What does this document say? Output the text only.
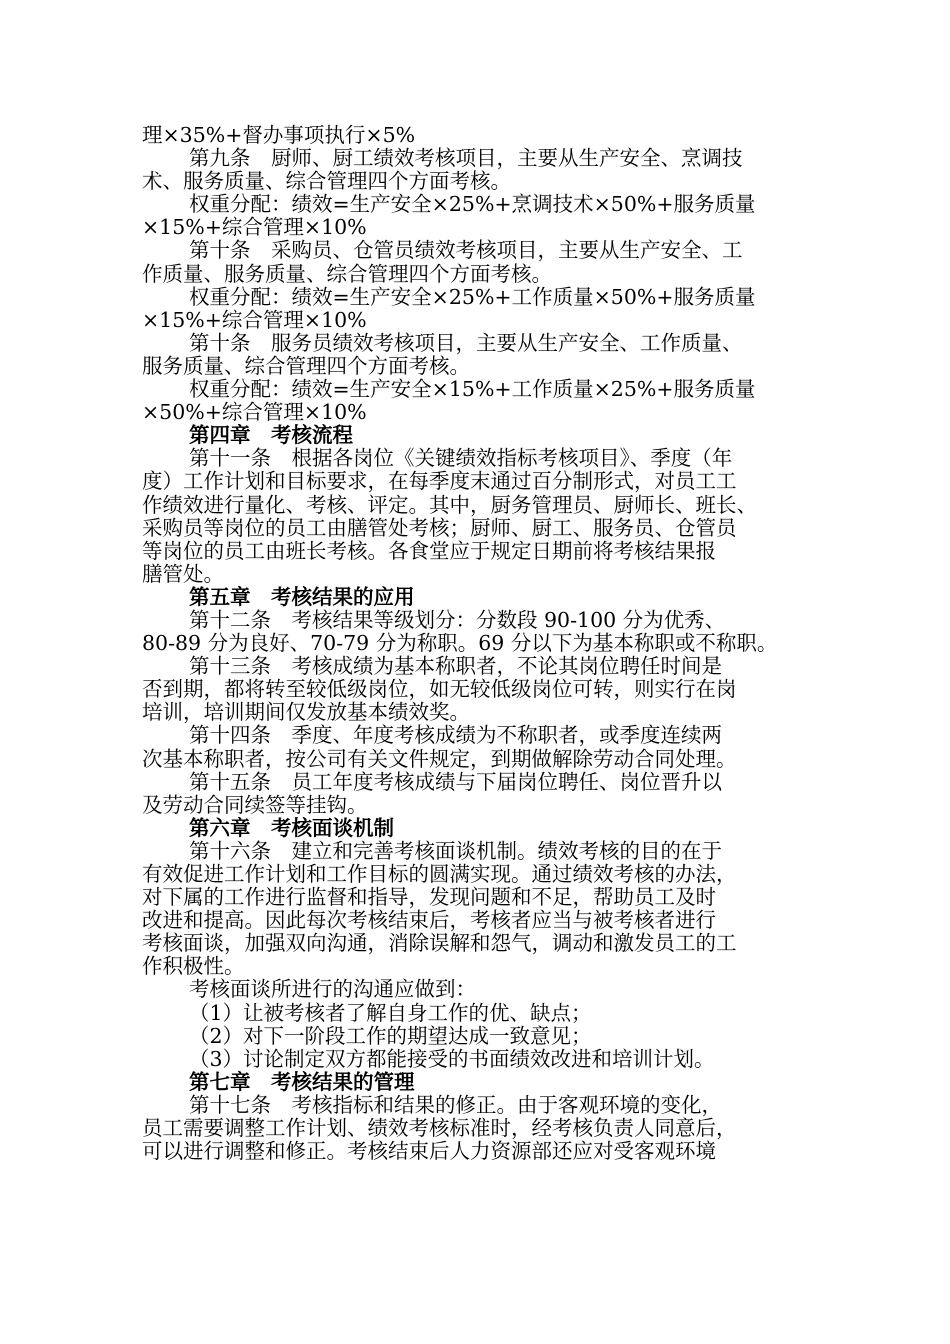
理×35%+督办事项执行×5%
第九条　厨师、厨工绩效考核项目，主要从生产安全、烹调技
术、服务质量、综合管理四个方面考核。
权重分配：绩效=生产安全×25%+烹调技术×50%+服务质量
×15%+综合管理×10%
第十条　采购员、仓管员绩效考核项目，主要从生产安全、工
作质量、服务质量、综合管理四个方面考核。
权重分配：绩效=生产安全×25%+工作质量×50%+服务质量
×15%+综合管理×10%
第十条　服务员绩效考核项目，主要从生产安全、工作质量、
服务质量、综合管理四个方面考核。
权重分配：绩效=生产安全×15%+工作质量×25%+服务质量
×50%+综合管理×10%
第四章　考核流程
第十一条　根据各岗位《关键绩效指标考核项目》、季度（年
度）工作计划和目标要求，在每季度末通过百分制形式，对员工工
作绩效进行量化、考核、评定。其中，厨务管理员、厨师长、班长、
采购员等岗位的员工由膳管处考核；厨师、厨工、服务员、仓管员
等岗位的员工由班长考核。各食堂应于规定日期前将考核结果报
膳管处。
第五章　考核结果的应用
第十二条　考核结果等级划分：分数段 90-100 分为优秀、
80-89 分为良好、70-79 分为称职。69 分以下为基本称职或不称职。
第十三条　考核成绩为基本称职者，不论其岗位聘任时间是
否到期，都将转至较低级岗位，如无较低级岗位可转，则实行在岗
培训，培训期间仅发放基本绩效奖。
第十四条　季度、年度考核成绩为不称职者，或季度连续两
次基本称职者，按公司有关文件规定，到期做解除劳动合同处理。
第十五条　员工年度考核成绩与下届岗位聘任、岗位晋升以
及劳动合同续签等挂钩。
第六章　考核面谈机制
第十六条　建立和完善考核面谈机制。绩效考核的目的在于
有效促进工作计划和工作目标的圆满实现。通过绩效考核的办法，
对下属的工作进行监督和指导，发现问题和不足，帮助员工及时
改进和提高。因此每次考核结束后，考核者应当与被考核者进行
考核面谈，加强双向沟通，消除误解和怨气，调动和激发员工的工
作积极性。
考核面谈所进行的沟通应做到：
（1）让被考核者了解自身工作的优、缺点；
（2）对下一阶段工作的期望达成一致意见；
（3）讨论制定双方都能接受的书面绩效改进和培训计划。
第七章　考核结果的管理
第十七条　考核指标和结果的修正。由于客观环境的变化，
员工需要调整工作计划、绩效考核标准时，经考核负责人同意后，
可以进行调整和修正。考核结束后人力资源部还应对受客观环境
